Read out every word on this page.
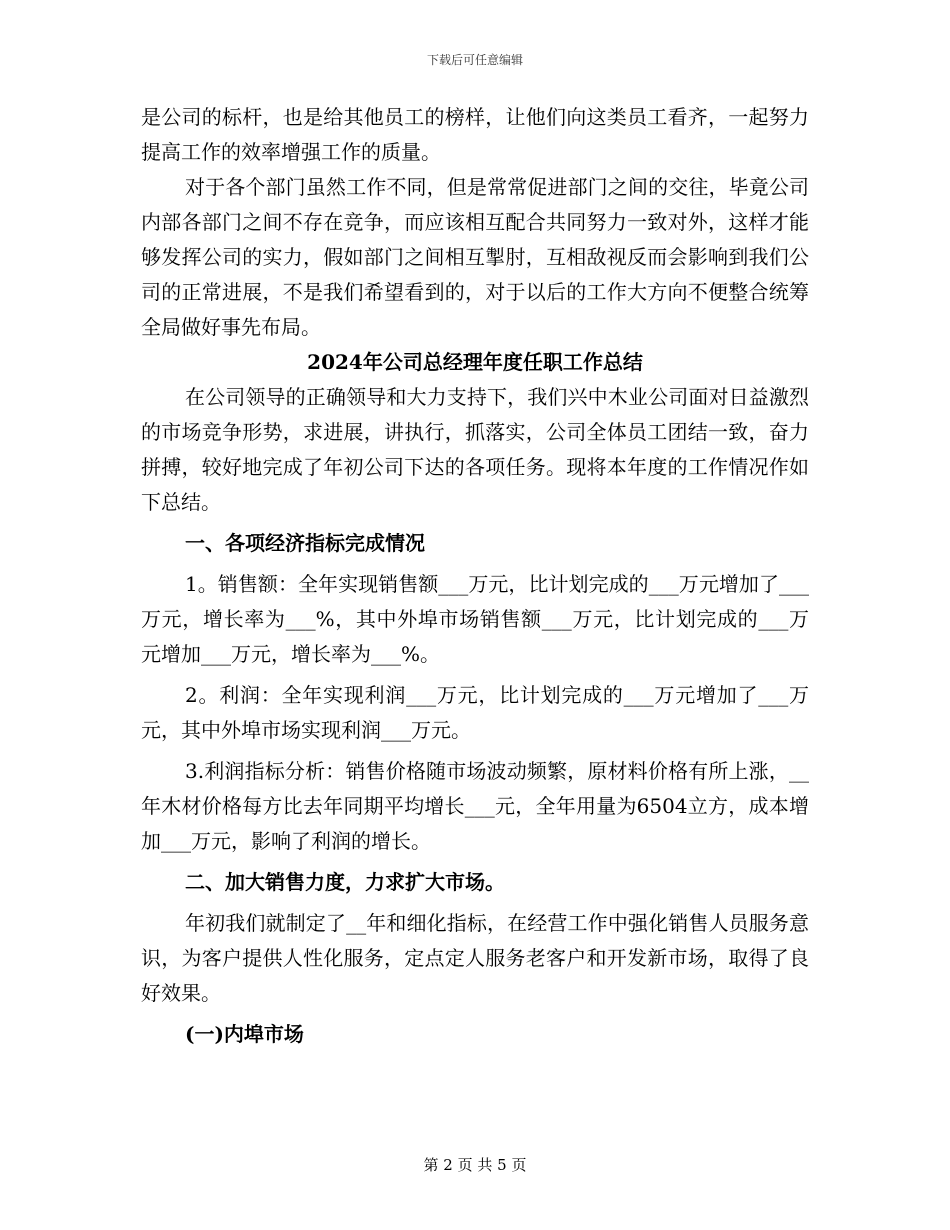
下载后可任意编辑

是公司的标杆，也是给其他员工的榜样，让他们向这类员工看齐，一起努力提高工作的效率增强工作的质量。

对于各个部门虽然工作不同，但是常常促进部门之间的交往，毕竟公司内部各部门之间不存在竞争，而应该相互配合共同努力一致对外，这样才能够发挥公司的实力，假如部门之间相互掣肘，互相敌视反而会影响到我们公司的正常进展，不是我们希望看到的，对于以后的工作大方向不便整合统筹全局做好事先布局。

2024年公司总经理年度任职工作总结

在公司领导的正确领导和大力支持下，我们兴中木业公司面对日益激烈的市场竞争形势，求进展，讲执行，抓落实，公司全体员工团结一致，奋力拼搏，较好地完成了年初公司下达的各项任务。现将本年度的工作情况作如下总结。

一、各项经济指标完成情况

1。销售额：全年实现销售额___万元，比计划完成的___万元增加了___万元，增长率为___%，其中外埠市场销售额___万元，比计划完成的___万元增加___万元，增长率为___%。

2。利润：全年实现利润___万元，比计划完成的___万元增加了___万元，其中外埠市场实现利润___万元。

3.利润指标分析：销售价格随市场波动频繁，原材料价格有所上涨，__年木材价格每方比去年同期平均增长___元，全年用量为6504立方，成本增加___万元，影响了利润的增长。

二、加大销售力度，力求扩大市场。

年初我们就制定了__年和细化指标，在经营工作中强化销售人员服务意识，为客户提供人性化服务，定点定人服务老客户和开发新市场，取得了良好效果。

(一)内埠市场

第 2 页 共 5 页
